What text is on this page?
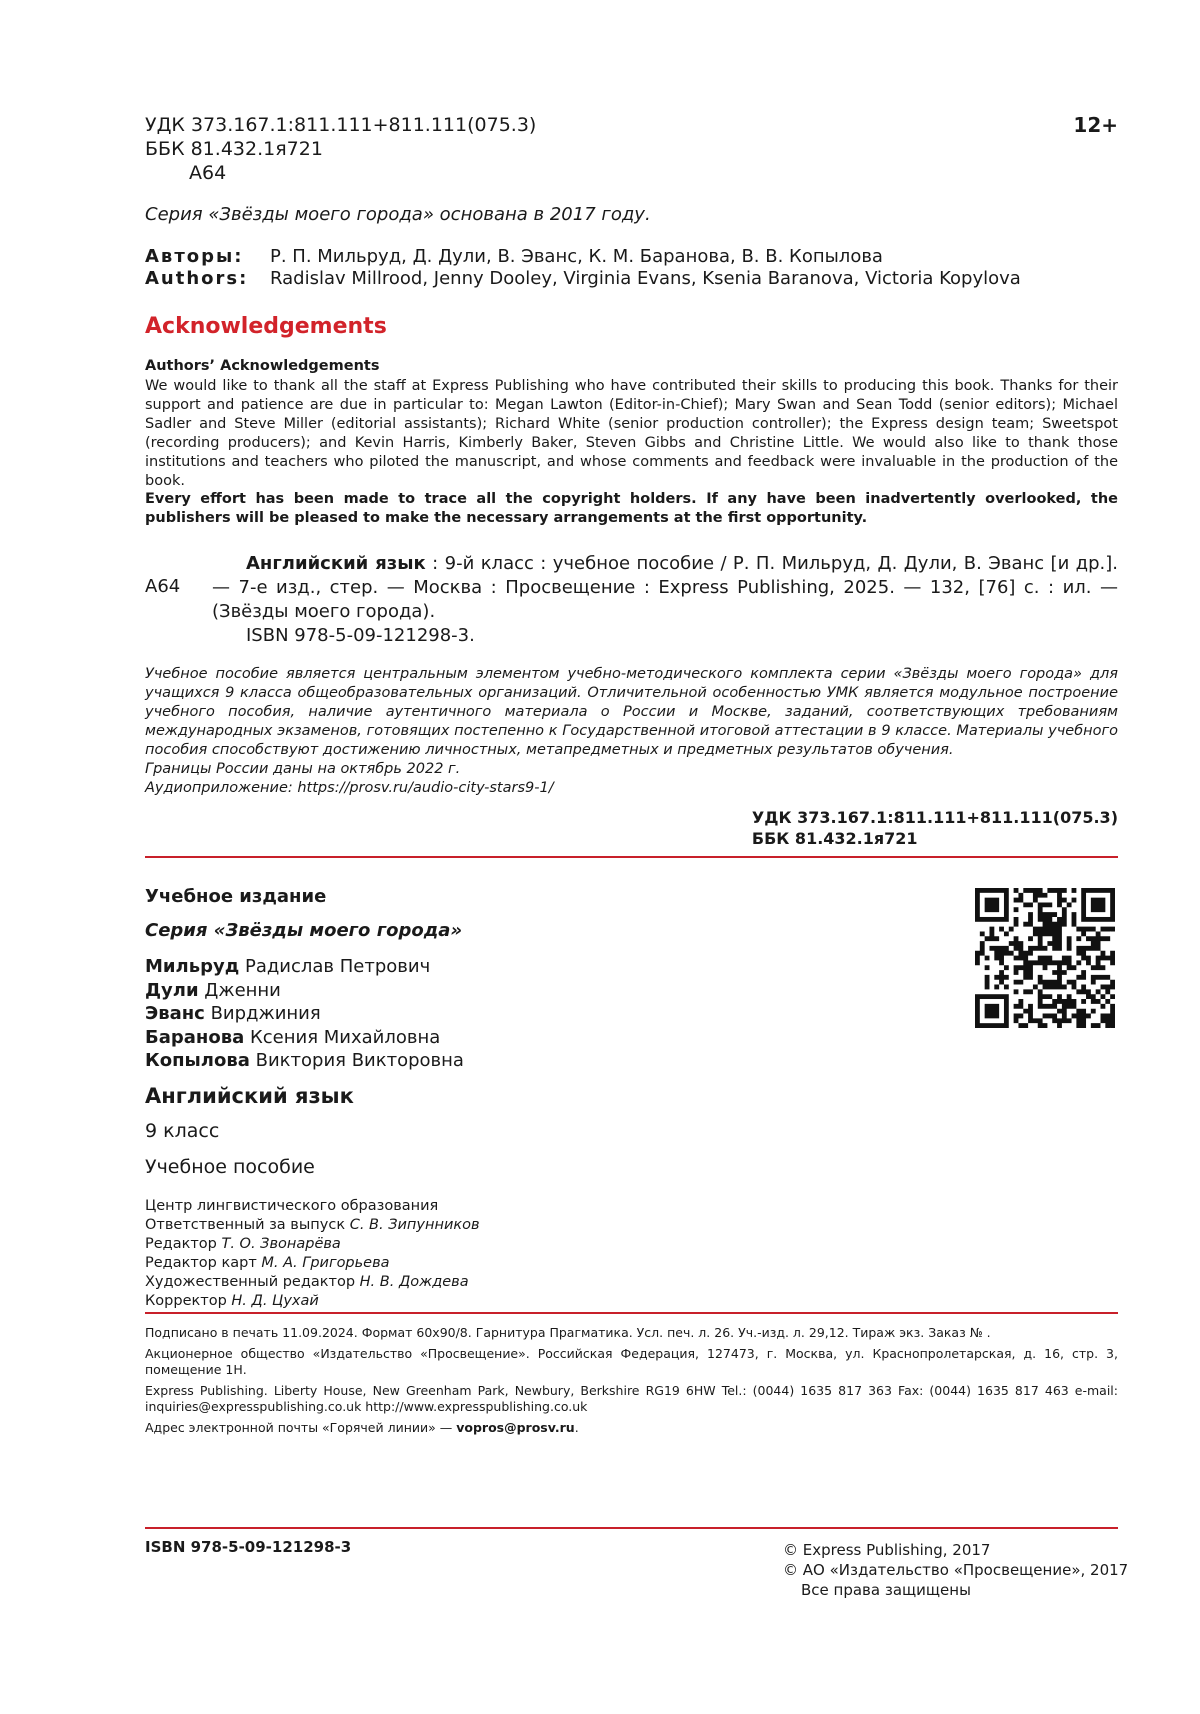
УДК 373.167.1:811.111+811.111(075.3)
ББК 81.432.1я721
А64
12+
Серия «Звёзды моего города» основана в 2017 году.
Авторы:	Р. П. Мильруд, Д. Дули, В. Эванс, К. М. Баранова, В. В. Копылова
Authors:	Radislav Millrood, Jenny Dooley, Virginia Evans, Ksenia Baranova, Victoria Kopylova
Acknowledgements
Authors’ Acknowledgements
We would like to thank all the staff at Express Publishing who have contributed their skills to producing this book. Thanks for their support and patience are due in particular to: Megan Lawton (Editor-in-Chief); Mary Swan and Sean Todd (senior editors); Michael Sadler and Steve Miller (editorial assistants); Richard White (senior production controller); the Express design team; Sweetspot (recording producers); and Kevin Harris, Kimberly Baker, Steven Gibbs and Christine Little. We would also like to thank those institutions and teachers who piloted the manuscript, and whose comments and feedback were invaluable in the production of the book.
Every effort has been made to trace all the copyright holders. If any have been inadvertently overlooked, the publishers will be pleased to make the necessary arrangements at the first opportunity.
А64
Английский язык : 9-й класс : учебное пособие / Р. П. Мильруд, Д. Дули, В. Эванс [и др.]. — 7-е изд., стер. — Москва : Просвещение : Express Publishing, 2025. — 132, [76] с. : ил. — (Звёзды моего города).
ISBN 978-5-09-121298-3.
Учебное пособие является центральным элементом учебно-методического комплекта серии «Звёзды моего города» для учащихся 9 класса общеобразовательных организаций. Отличительной особенностью УМК является модульное построение учебного пособия, наличие аутентичного материала о России и Москве, заданий, соответствующих требованиям международных экзаменов, готовящих постепенно к Государственной итоговой аттестации в 9 классе. Материалы учебного пособия способствуют достижению личностных, метапредметных и предметных результатов обучения.
Границы России даны на октябрь 2022 г.
Аудиоприложение: https://prosv.ru/audio-city-stars9-1/
УДК 373.167.1:811.111+811.111(075.3)
ББК 81.432.1я721
Учебное издание
Серия «Звёзды моего города»
Мильруд Радислав Петрович
Дули Дженни
Эванс Вирджиния
Баранова Ксения Михайловна
Копылова Виктория Викторовна
Английский язык
9 класс
Учебное пособие
Центр лингвистического образования
Ответственный за выпуск С. В. Зипунников
Редактор Т. О. Звонарёва
Редактор карт М. А. Григорьева
Художественный редактор Н. В. Дождева
Корректор Н. Д. Цухай

Подписано в печать 11.09.2024. Формат 60х90/8. Гарнитура Прагматика. Усл. печ. л. 26. Уч.-изд. л. 29,12. Тираж экз. Заказ № .

Акционерное общество «Издательство «Просвещение». Российская Федерация, 127473, г. Москва, ул. Краснопролетарская, д. 16, стр. 3, помещение 1Н.

Express Publishing. Liberty House, New Greenham Park, Newbury, Berkshire RG19 6HW Tel.: (0044) 1635 817 363 Fax: (0044) 1635 817 463 e-mail: inquiries@expresspublishing.co.uk http://www.expresspublishing.co.uk

Адрес электронной почты «Горячей линии» — vopros@prosv.ru.

ISBN 978-5-09-121298-3	© Express Publishing, 2017
© АО «Издательство «Просвещение», 2017
Все права защищены
